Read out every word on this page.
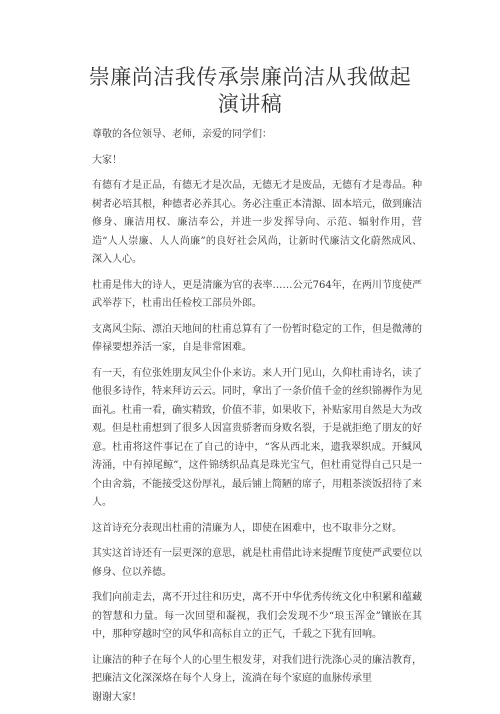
崇廉尚洁我传承崇廉尚洁从我做起
演讲稿

尊敬的各位领导、老师，亲爱的同学们：

大家！

有德有才是正品，有德无才是次品，无德无才是废品，无德有才是毒品。种树者必培其根，种德者必养其心。务必注重正本清源、固本培元，做到廉洁修身、廉洁用权、廉洁奉公，并进一步发挥导向、示范、辐射作用，营造“人人崇廉、人人尚廉”的良好社会风尚，让新时代廉洁文化蔚然成风、深入人心。

杜甫是伟大的诗人，更是清廉为官的表率……公元764年，在两川节度使严武举荐下，杜甫出任检校工部员外郎。

支离风尘际、漂泊天地间的杜甫总算有了一份暂时稳定的工作，但是微薄的俸禄要想养活一家，自是非常困难。

有一天，有位张姓朋友风尘仆仆来访。来人开门见山，久仰杜甫诗名，读了他很多诗作，特来拜访云云。同时，拿出了一条价值千金的丝织锦褥作为见面礼。杜甫一看，确实精致，价值不菲，如果收下，补贴家用自然是大为改观。但是杜甫想到了很多人因富贵骄奢而身败名裂，于是就拒绝了朋友的好意。杜甫将这件事记在了自己的诗中，“客从西北来，遗我翠织成。开缄风涛涌，中有掉尾鲸”，这件锦绣织品真是珠光宝气，但杜甫觉得自己只是一个由舍翁，不能接受这份厚礼，最后铺上简陋的席子，用粗茶淡饭招待了来人。

这首诗充分表现出杜甫的清廉为人，即使在困难中，也不取非分之财。

其实这首诗还有一层更深的意思，就是杜甫借此诗来提醒节度使严武要位以修身、位以养德。

我们向前走去，离不开过往和历史，离不开中华优秀传统文化中积累和蕴藏的智慧和力量。每一次回望和凝视，我们会发现不少“琅玉浑金”镶嵌在其中，那种穿越时空的风华和高标自立的正气，千载之下犹有回响。

让廉洁的种子在每个人的心里生根发芽，对我们进行洗涤心灵的廉洁教育，把廉洁文化深深烙在每个人身上，流淌在每个家庭的血脉传承里

谢谢大家!
